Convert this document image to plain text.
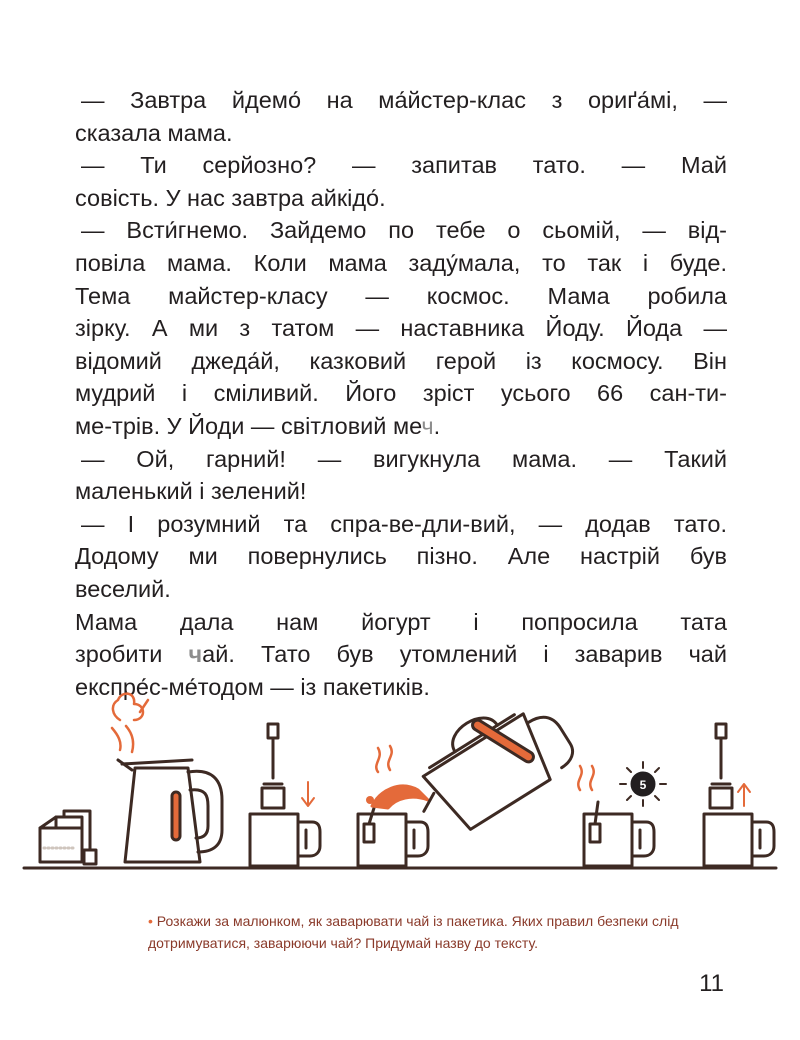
— Завтра йдемо́ на ма́йстер-клас з ориґа́мі, —

сказала мама.

— Ти серйозно? — запитав тато. — Май

совість. У нас завтра айкідо́.

— Всти́гнемо. Зайдемо по тебе о сьомій, — від-

повіла мама. Коли мама заду́мала, то так і буде.

Тема майстер-класу — космос. Мама робила

зірку. А ми з татом — наставника Йоду. Йода —

відомий джеда́й, казковий герой із космосу. Він

мудрий і сміливий. Його зріст усього 66 сан-ти-

ме-трів. У Йоди — світловий меч.

— Ой, гарний! — вигукнула мама. — Такий

маленький і зелений!

— І розумний та спра-ве-дли-вий, — додав тато.

Додому ми повернулись пізно. Але настрій був

веселий.

Мама дала нам йогурт і попросила тата

зробити чай. Тато був утомлений і заварив чай

екcпре́с-ме́тодом — із пакетиків.

5
• Розкажи за малюнком, як заварювати чай із пакетика. Яких правил безпеки слід дотримуватися, заварюючи чай? Придумай назву до тексту.
11
